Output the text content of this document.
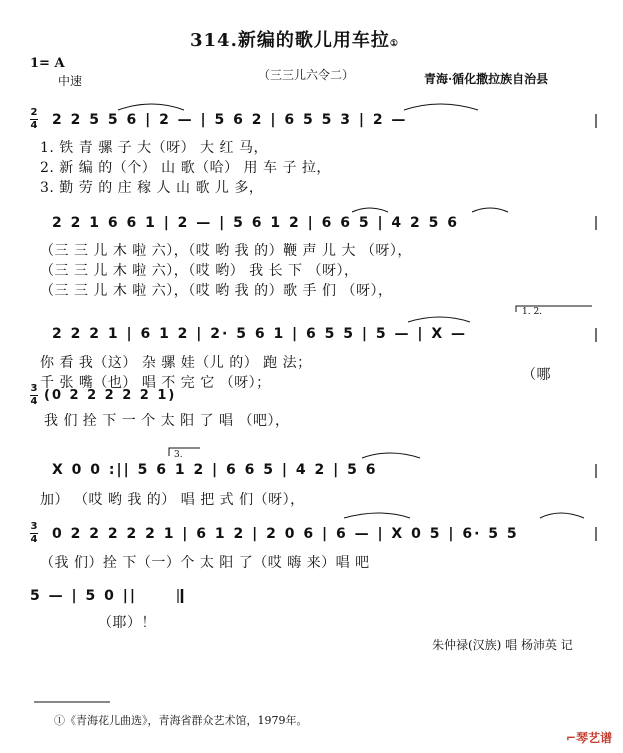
314.新编的歌儿用车拉①
1= A
中速	（三三儿六令二）	青海·循化撒拉族自治县
2
4 2 2 5 5 6 | 2 — | 5 6 2 | 6 5 5 3 | 2 —
1. 铁 青 骡 子 大（呀） 大 红 马，
2. 新 编 的（个） 山 歌（哈） 用 车 子 拉，
3. 勤 劳 的 庄 稼 人 山 歌 儿 多，
2 2 1 6 6 1 | 2 — | 5 6 1 2 | 6 6 5 | 4 2 5 6
（三 三 儿 木 啦 六），（哎 哟 我 的）鞭 声 儿 大 （呀），
（三 三 儿 木 啦 六），（哎 哟） 我 长 下 （呀），
（三 三 儿 木 啦 六），（哎 哟 我 的）歌 手 们 （呀），
1. 2.
2 2 2 1 | 6 1 2 | 2· 5 6 1 | 6 5 5 | 5 — | X —
你 看 我（这） 杂 骡 娃（儿 的） 跑 法；
千 张 嘴（也） 唱 不 完 它 （呀）；	（哪
3
4 (0 2 2 2 2 2 1)
我 们 拴 下 一 个 太 阳 了 唱 （吧），
3.
X 0 0 :|| 5 6 1 2 | 6 6 5 | 4 2 | 5 6
加） （哎 哟 我 的） 唱 把 式 们（呀），
3
4 0 2 2 2 2 2 1 | 6 1 2 | 2 0 6 | 6 — | X 0 5 | 6· 5 5
（我 们）拴 下（一）个 太 阳 了（哎 嗨 来）唱 吧
5 — | 5 0 ||
（耶）！
朱仲禄(汉族) 唱 杨沛英 记
①《青海花儿曲选》，青海省群众艺术馆，1979年。
⌐琴艺谱
